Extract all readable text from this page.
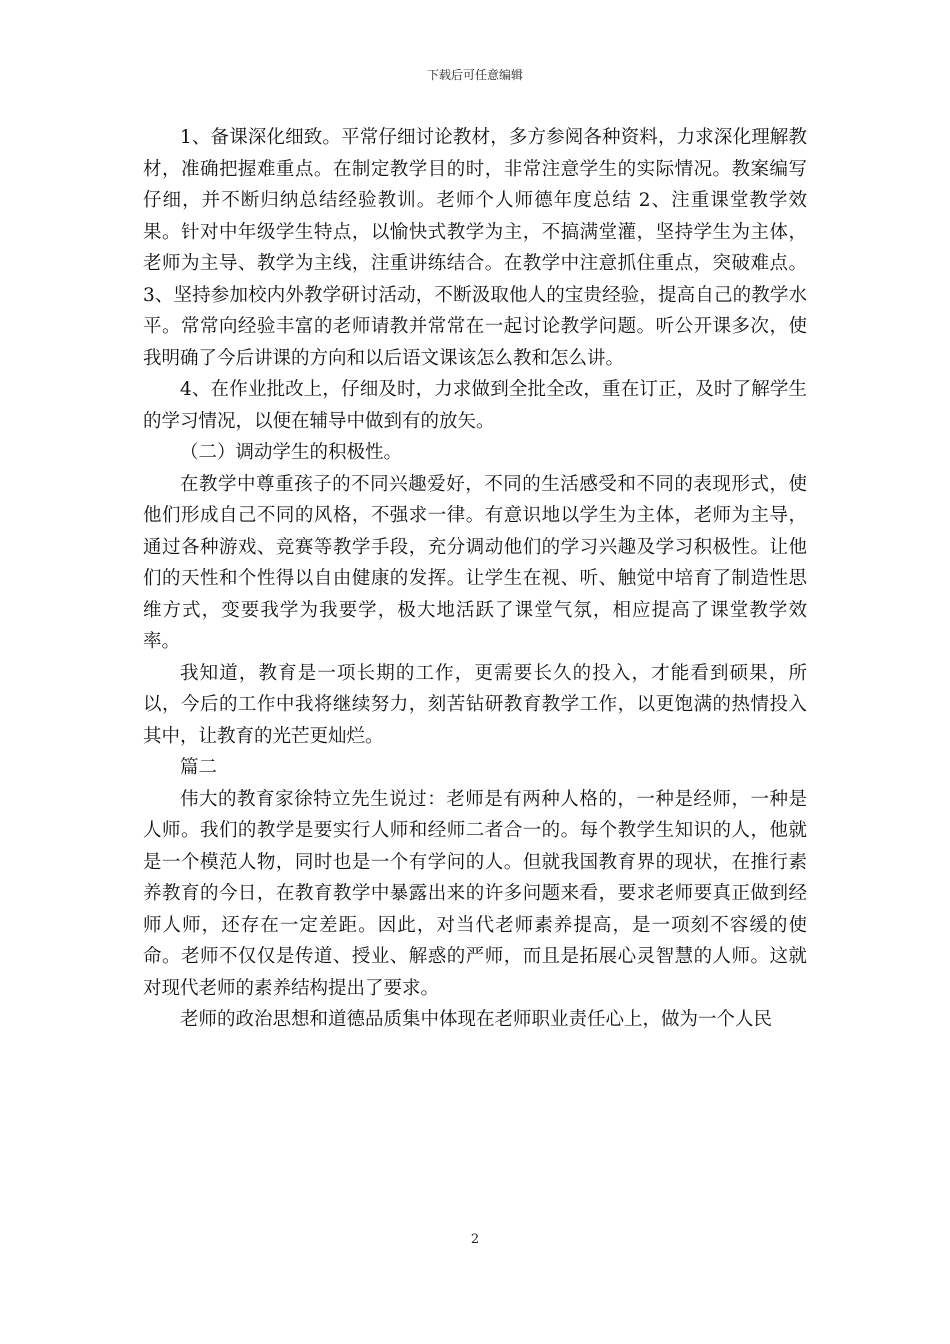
下载后可任意编辑

1、备课深化细致。平常仔细讨论教材，多方参阅各种资料，力求深化理解教材，准确把握难重点。在制定教学目的时，非常注意学生的实际情况。教案编写仔细，并不断归纳总结经验教训。老师个人师德年度总结 2、注重课堂教学效果。针对中年级学生特点，以愉快式教学为主，不搞满堂灌，坚持学生为主体，老师为主导、教学为主线，注重讲练结合。在教学中注意抓住重点，突破难点。3、坚持参加校内外教学研讨活动，不断汲取他人的宝贵经验，提高自己的教学水平。常常向经验丰富的老师请教并常常在一起讨论教学问题。听公开课多次，使我明确了今后讲课的方向和以后语文课该怎么教和怎么讲。

4、在作业批改上，仔细及时，力求做到全批全改，重在订正，及时了解学生的学习情况，以便在辅导中做到有的放矢。

（二）调动学生的积极性。

在教学中尊重孩子的不同兴趣爱好，不同的生活感受和不同的表现形式，使他们形成自己不同的风格，不强求一律。有意识地以学生为主体，老师为主导，通过各种游戏、竞赛等教学手段，充分调动他们的学习兴趣及学习积极性。让他们的天性和个性得以自由健康的发挥。让学生在视、听、触觉中培育了制造性思维方式，变要我学为我要学，极大地活跃了课堂气氛，相应提高了课堂教学效率。

我知道，教育是一项长期的工作，更需要长久的投入，才能看到硕果，所以，今后的工作中我将继续努力，刻苦钻研教育教学工作，以更饱满的热情投入其中，让教育的光芒更灿烂。

篇二

伟大的教育家徐特立先生说过：老师是有两种人格的，一种是经师，一种是人师。我们的教学是要实行人师和经师二者合一的。每个教学生知识的人，他就是一个模范人物，同时也是一个有学问的人。但就我国教育界的现状，在推行素养教育的今日，在教育教学中暴露出来的许多问题来看，要求老师要真正做到经师人师，还存在一定差距。因此，对当代老师素养提高，是一项刻不容缓的使命。老师不仅仅是传道、授业、解惑的严师，而且是拓展心灵智慧的人师。这就对现代老师的素养结构提出了要求。

老师的政治思想和道德品质集中体现在老师职业责任心上，做为一个人民

2
